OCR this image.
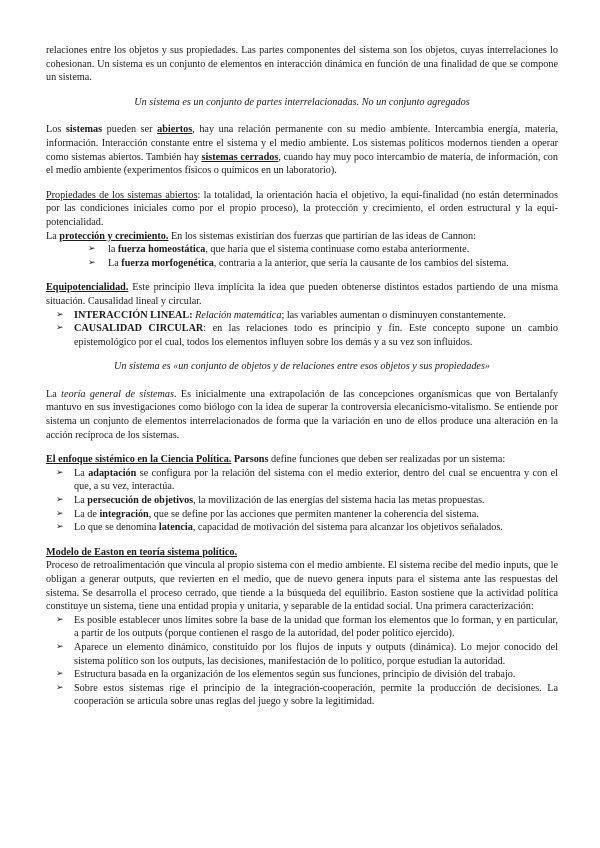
relaciones entre los objetos y sus propiedades. Las partes componentes del sistema son los objetos, cuyas interrelaciones lo cohesionan. Un sistema es un conjunto de elementos en interacción dinámica en función de una finalidad de que se compone un sistema.

Un sistema es un conjunto de partes interrelacionadas. No un conjunto agregados

Los sistemas pueden ser abiertos, hay una relación permanente con su medio ambiente. Intercambia energía, materia, información. Interacción constante entre el sistema y el medio ambiente. Los sistemas políticos modernos tienden a operar como sistemas abiertos. También hay sistemas cerrados, cuando hay muy poco intercambio de materia, de información, con el medio ambiente (experimentos físicos o químicos en un laboratorio).

Propiedades de los sistemas abiertos: la totalidad, la orientación hacia el objetivo, la equi-finalidad (no están determinados por las condiciones iniciales como por el propio proceso), la protección y crecimiento, el orden estructural y la equi-potencialidad.

La protección y crecimiento. En los sistemas existirían dos fuerzas que partirían de las ideas de Cannon:

➢ la fuerza homeostática, que haría que el sistema continuase como estaba anteriormente.
➢ La fuerza morfogenética, contraria a la anterior, que sería la causante de los cambios del sistema.

Equipotencialidad. Este principio lleva implícita la idea que pueden obtenerse distintos estados partiendo de una misma situación. Causalidad lineal y circular.

➢ INTERACCIÓN LINEAL: Relación matemática; las variables aumentan o disminuyen constantemente.
➢ CAUSALIDAD CIRCULAR: en las relaciones todo es principio y fin. Este concepto supone un cambio epistemológico por el cual, todos los elementos influyen sobre los demás y a su vez son influidos.

Un sistema es «un conjunto de objetos y de relaciones entre esos objetos y sus propiedades»

La teoría general de sistemas. Es inicialmente una extrapolación de las concepciones organísmicas que von Bertalanfy mantuvo en sus investigaciones como biólogo con la idea de superar la controversia elecanicismo-vitalismo. Se entiende por sistema un conjunto de elementos interrelacionados de forma que la variación en uno de ellos produce una alteración en la acción recíproca de los sistemas.

El enfoque sistémico en la Ciencia Política. Parsons define funciones que deben ser realizadas por un sistema:

➢ La adaptación se configura por la relación del sistema con el medio exterior, dentro del cual se encuentra y con el que, a su vez, interactúa.
➢ La persecución de objetivos, la movilización de las energías del sistema hacia las metas propuestas.
➢ La de integración, que se define por las acciones que permiten mantener la coherencia del sistema.
➢ Lo que se denomina latencia, capacidad de motivación del sistema para alcanzar los objetivos señalados.

Modelo de Easton en teoría sistema político.

Proceso de retroalimentación que vincula al propio sistema con el medio ambiente. El sistema recibe del medio inputs, que le obligan a generar outputs, que revierten en el medio, que de nuevo genera inputs para el sistema ante las respuestas del sistema. Se desarrolla el proceso cerrado, que tiende a la búsqueda del equilibrio. Easton sostiene que la actividad política constituye un sistema, tiene una entidad propia y unitaria, y separable de la entidad social. Una primera caracterización:

➢ Es posible establecer unos límites sobre la base de la unidad que forman los elementos que lo forman, y en particular, a partir de los outputs (porque contienen el rasgo de la autoridad, del poder político ejercido).
➢ Aparece un elemento dinámico, constituido por los flujos de inputs y outputs (dinámica). Lo mejor conocido del sistema político son los outputs, las decisiones, manifestación de lo político, porque estudian la autoridad.
➢ Estructura basada en la organización de los elementos según sus funciones, principio de división del trabajo.
➢ Sobre estos sistemas rige el principio de la integración-cooperación, permite la producción de decisiones. La cooperación se articula sobre unas reglas del juego y sobre la legitimidad.
